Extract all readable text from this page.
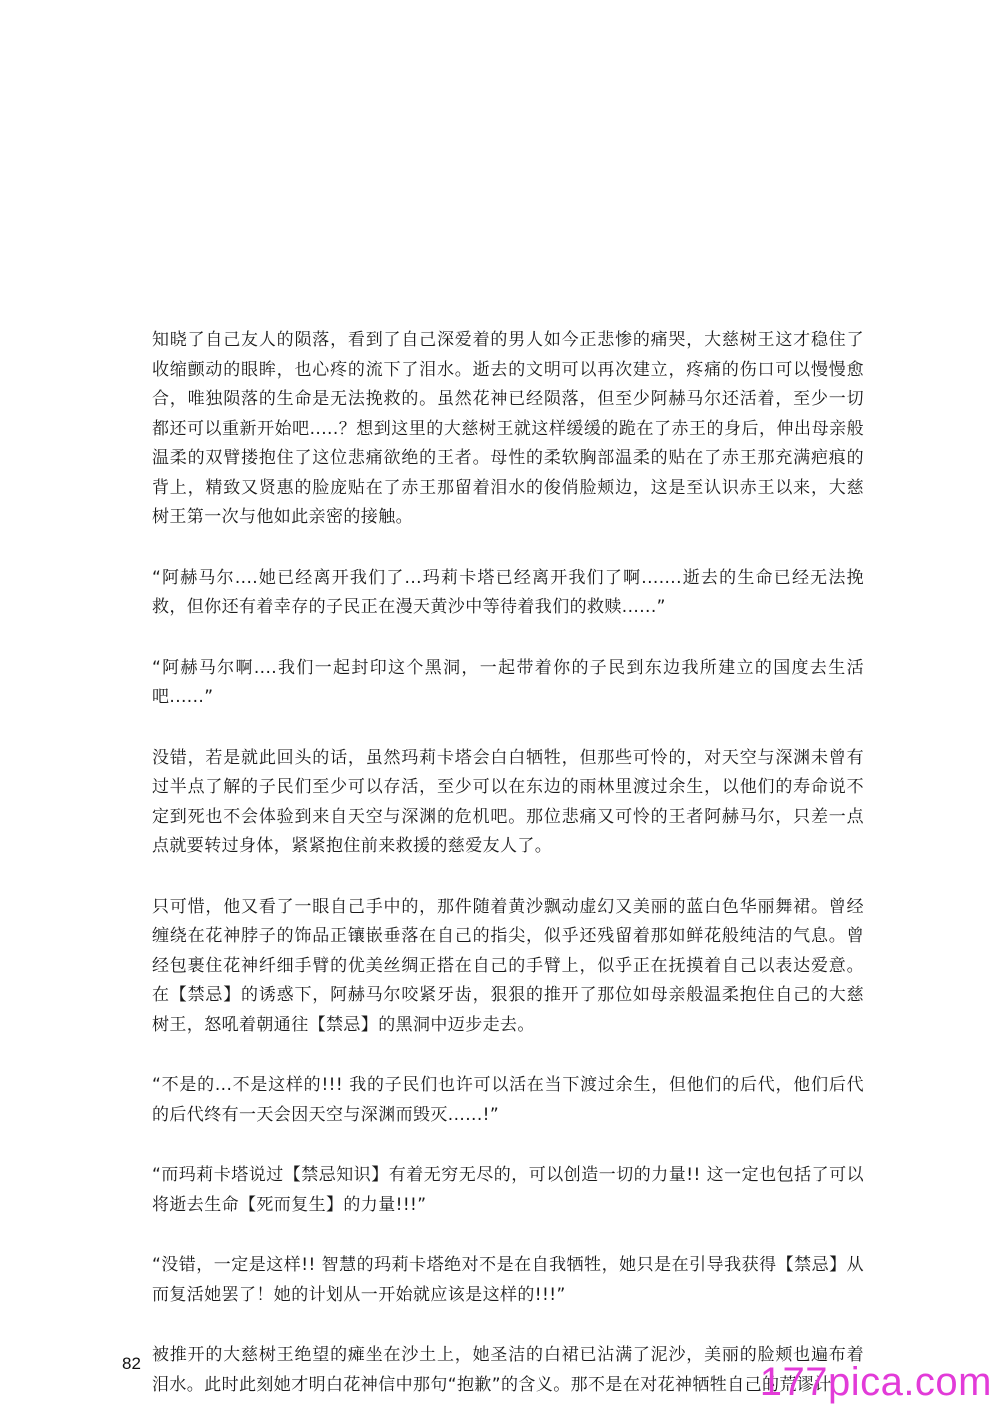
知晓了自己友人的陨落，看到了自己深爱着的男人如今正悲惨的痛哭，大慈树王这才稳住了收缩颤动的眼眸，也心疼的流下了泪水。逝去的文明可以再次建立，疼痛的伤口可以慢慢愈合，唯独陨落的生命是无法挽救的。虽然花神已经陨落，但至少阿赫马尔还活着，至少一切都还可以重新开始吧.....？想到这里的大慈树王就这样缓缓的跪在了赤王的身后，伸出母亲般温柔的双臂搂抱住了这位悲痛欲绝的王者。母性的柔软胸部温柔的贴在了赤王那充满疤痕的背上，精致又贤惠的脸庞贴在了赤王那留着泪水的俊俏脸颊边，这是至认识赤王以来，大慈树王第一次与他如此亲密的接触。

“阿赫马尔....她已经离开我们了...玛莉卡塔已经离开我们了啊.......逝去的生命已经无法挽救，但你还有着幸存的子民正在漫天黄沙中等待着我们的救赎......”

“阿赫马尔啊....我们一起封印这个黑洞，一起带着你的子民到东边我所建立的国度去生活吧......”

没错，若是就此回头的话，虽然玛莉卡塔会白白牺牲，但那些可怜的，对天空与深渊未曾有过半点了解的子民们至少可以存活，至少可以在东边的雨林里渡过余生，以他们的寿命说不定到死也不会体验到来自天空与深渊的危机吧。那位悲痛又可怜的王者阿赫马尔，只差一点点就要转过身体，紧紧抱住前来救援的慈爱友人了。

只可惜，他又看了一眼自己手中的，那件随着黄沙飘动虚幻又美丽的蓝白色华丽舞裙。曾经缠绕在花神脖子的饰品正镶嵌垂落在自己的指尖，似乎还残留着那如鲜花般纯洁的气息。曾经包裹住花神纤细手臂的优美丝绸正搭在自己的手臂上，似乎正在抚摸着自己以表达爱意。在【禁忌】的诱惑下，阿赫马尔咬紧牙齿，狠狠的推开了那位如母亲般温柔抱住自己的大慈树王，怒吼着朝通往【禁忌】的黑洞中迈步走去。

“不是的...不是这样的!!! 我的子民们也许可以活在当下渡过余生，但他们的后代，他们后代的后代终有一天会因天空与深渊而毁灭......!”

“而玛莉卡塔说过【禁忌知识】有着无穷无尽的，可以创造一切的力量!! 这一定也包括了可以将逝去生命【死而复生】的力量!!!”

“没错，一定是这样!! 智慧的玛莉卡塔绝对不是在自我牺牲，她只是在引导我获得【禁忌】从而复活她罢了！她的计划从一开始就应该是这样的!!!”

被推开的大慈树王绝望的瘫坐在沙土上，她圣洁的白裙已沾满了泥沙，美丽的脸颊也遍布着泪水。此时此刻她才明白花神信中那句“抱歉”的含义。那不是在对花神牺牲自己的荒谬计

82	177pica.com
